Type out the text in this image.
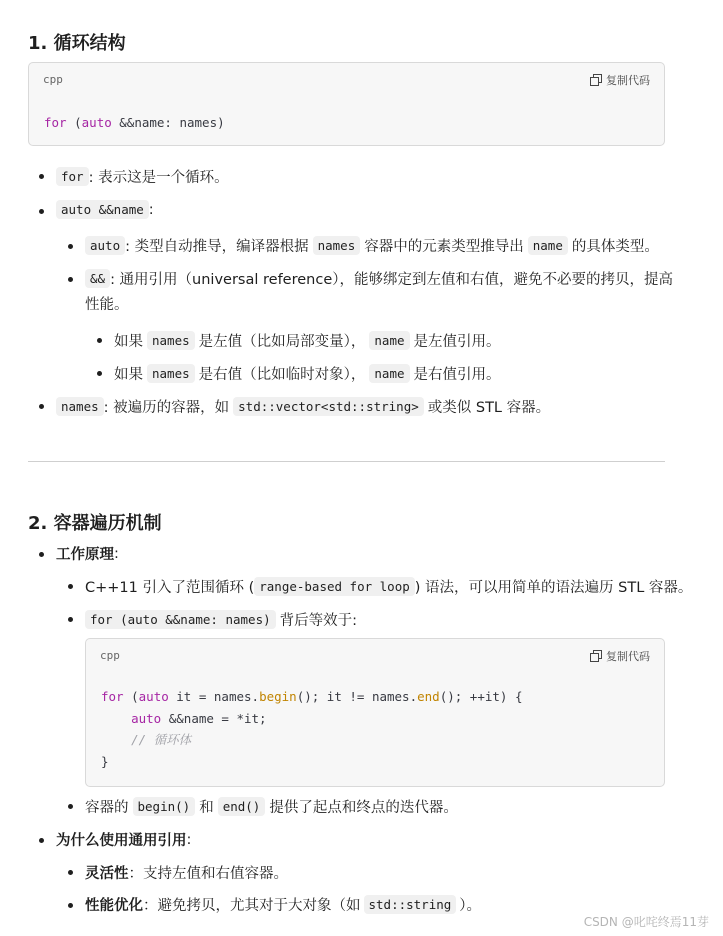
1. 循环结构
cpp	复制代码
for (auto &&name: names)
for : 表示这是一个循环。
auto &&name :
auto : 类型自动推导，编译器根据 names 容器中的元素类型推导出 name 的具体类型。
&& : 通用引用（universal reference），能够绑定到左值和右值，避免不必要的拷贝，提高
性能。
如果 names 是左值（比如局部变量）， name 是左值引用。
如果 names 是右值（比如临时对象）， name 是右值引用。
names : 被遍历的容器，如 std::vector<std::string> 或类似 STL 容器。
2. 容器遍历机制
工作原理 :
C++11 引入了范围循环 ( range-based for loop ) 语法，可以用简单的语法遍历 STL 容器。
for (auto &&name: names) 背后等效于:
cpp	复制代码
for (auto it = names.begin(); it != names.end(); ++it) {
auto &&name = *it;
// 循环体
}
容器的 begin() 和 end() 提供了起点和终点的迭代器。
为什么使用通用引用 :
灵活性 ：支持左值和右值容器。
性能优化 ：避免拷贝，尤其对于大对象（如 std::string ）。
CSDN @叱咤终焉11芽
